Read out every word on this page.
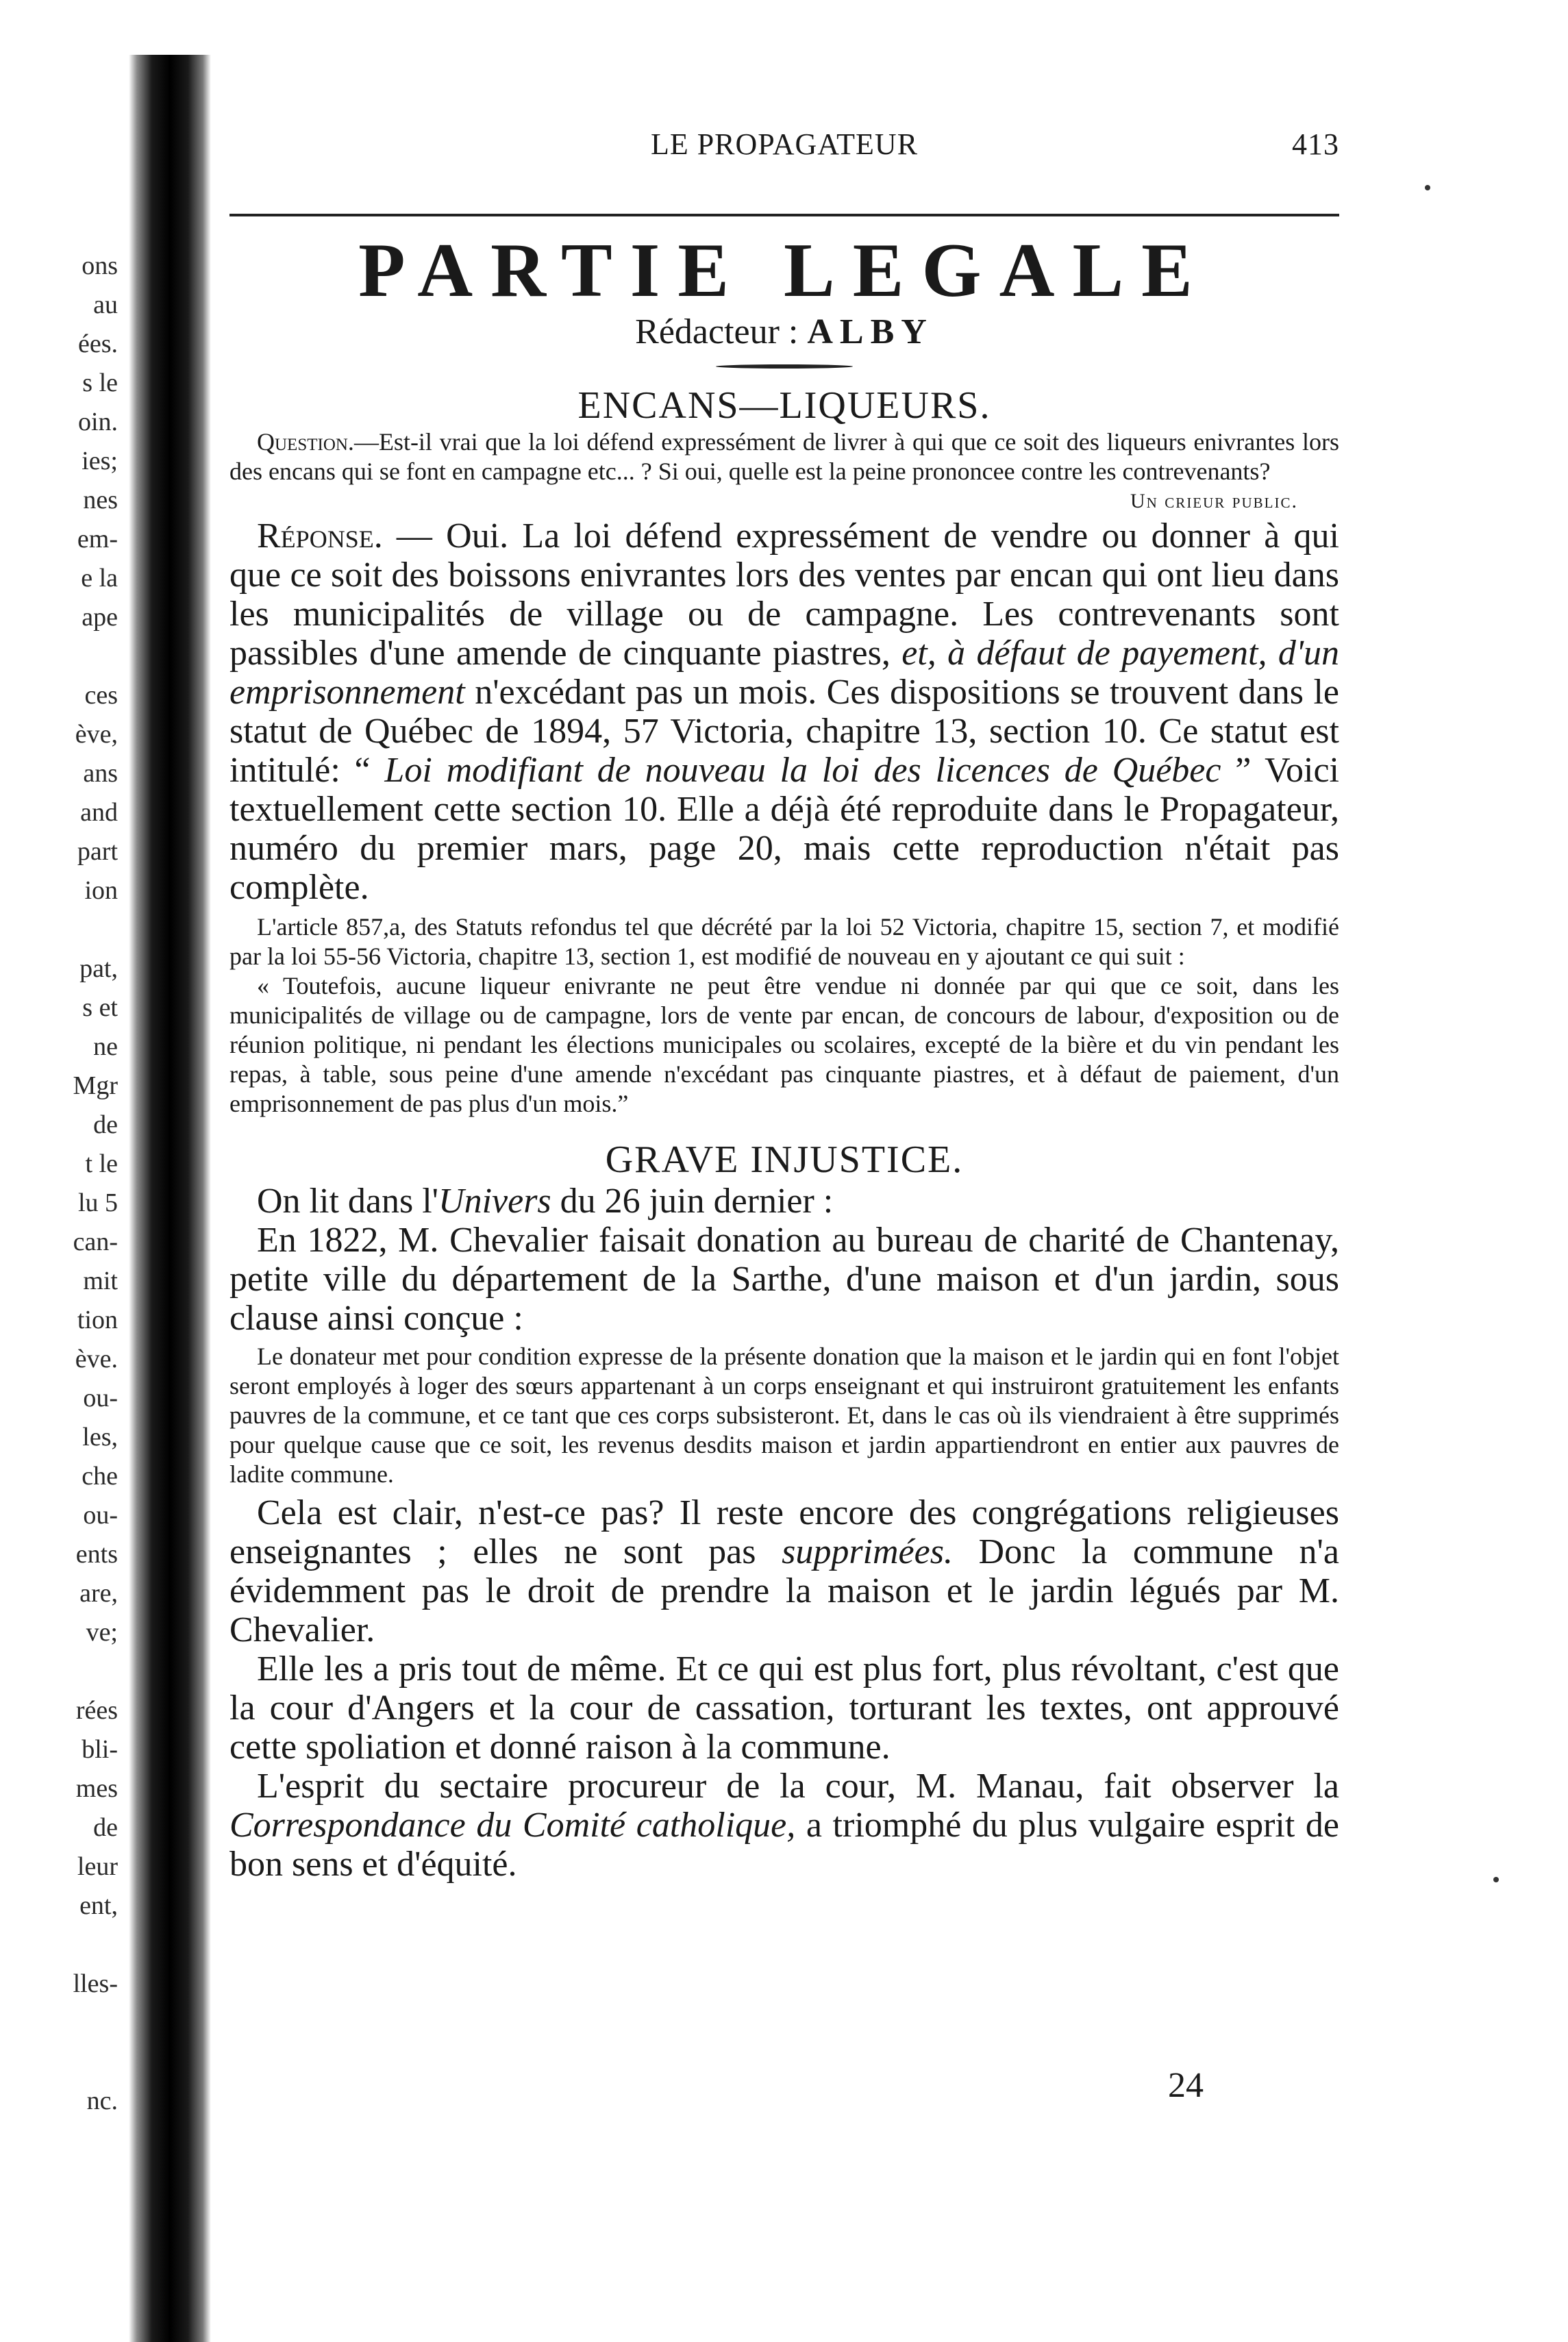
ons
au
ées.
s le
oin.
ies;
nes
em-
e la
ape

ces
ève,
ans
and
part
ion

pat,
s et
ne
Mgr
de
t le
lu 5
can-
mit
tion
ève.
ou-
les,
che
ou-
ents
are,
ve;

rées
bli-
mes
de
leur
ent,

lles-

nc.
LE PROPAGATEUR	413
PARTIE LEGALE
Rédacteur : ALBY
ENCANS—LIQUEURS.

Question.—Est-il vrai que la loi défend expressément de livrer à qui que ce soit des liqueurs enivrantes lors des encans qui se font en campagne etc... ? Si oui, quelle est la peine prononcee contre les contrevenants?

Un crieur public.

Réponse. — Oui. La loi défend expressément de vendre ou donner à qui que ce soit des boissons enivrantes lors des ventes par encan qui ont lieu dans les municipalités de village ou de campagne. Les contrevenants sont passibles d'une amende de cinquante piastres, et, à défaut de payement, d'un emprisonnement n'excédant pas un mois. Ces dispositions se trouvent dans le statut de Québec de 1894, 57 Victoria, chapitre 13, section 10. Ce statut est intitulé: “ Loi modifiant de nouveau la loi des licences de Québec ” Voici textuellement cette section 10. Elle a déjà été reproduite dans le Propagateur, numéro du premier mars, page 20, mais cette reproduction n'était pas complète.

L'article 857,a, des Statuts refondus tel que décrété par la loi 52 Victoria, chapitre 15, section 7, et modifié par la loi 55-56 Victoria, chapitre 13, section 1, est modifié de nouveau en y ajoutant ce qui suit :

« Toutefois, aucune liqueur enivrante ne peut être vendue ni donnée par qui que ce soit, dans les municipalités de village ou de campagne, lors de vente par encan, de concours de labour, d'exposition ou de réunion politique, ni pendant les élections municipales ou scolaires, excepté de la bière et du vin pendant les repas, à table, sous peine d'une amende n'excédant pas cinquante piastres, et à défaut de paiement, d'un emprisonnement de pas plus d'un mois.”

GRAVE INJUSTICE.

On lit dans l'Univers du 26 juin dernier :

En 1822, M. Chevalier faisait donation au bureau de charité de Chantenay, petite ville du département de la Sarthe, d'une maison et d'un jardin, sous clause ainsi conçue :

Le donateur met pour condition expresse de la présente donation que la maison et le jardin qui en font l'objet seront employés à loger des sœurs appartenant à un corps enseignant et qui instruiront gratuitement les enfants pauvres de la commune, et ce tant que ces corps subsisteront. Et, dans le cas où ils viendraient à être supprimés pour quelque cause que ce soit, les revenus desdits maison et jardin appartiendront en entier aux pauvres de ladite commune.

Cela est clair, n'est-ce pas? Il reste encore des congrégations religieuses enseignantes ; elles ne sont pas supprimées. Donc la commune n'a évidemment pas le droit de prendre la maison et le jardin légués par M. Chevalier.

Elle les a pris tout de même. Et ce qui est plus fort, plus révoltant, c'est que la cour d'Angers et la cour de cassation, torturant les textes, ont approuvé cette spoliation et donné raison à la commune.

L'esprit du sectaire procureur de la cour, M. Manau, fait observer la Correspondance du Comité catholique, a triomphé du plus vulgaire esprit de bon sens et d'équité.

24
